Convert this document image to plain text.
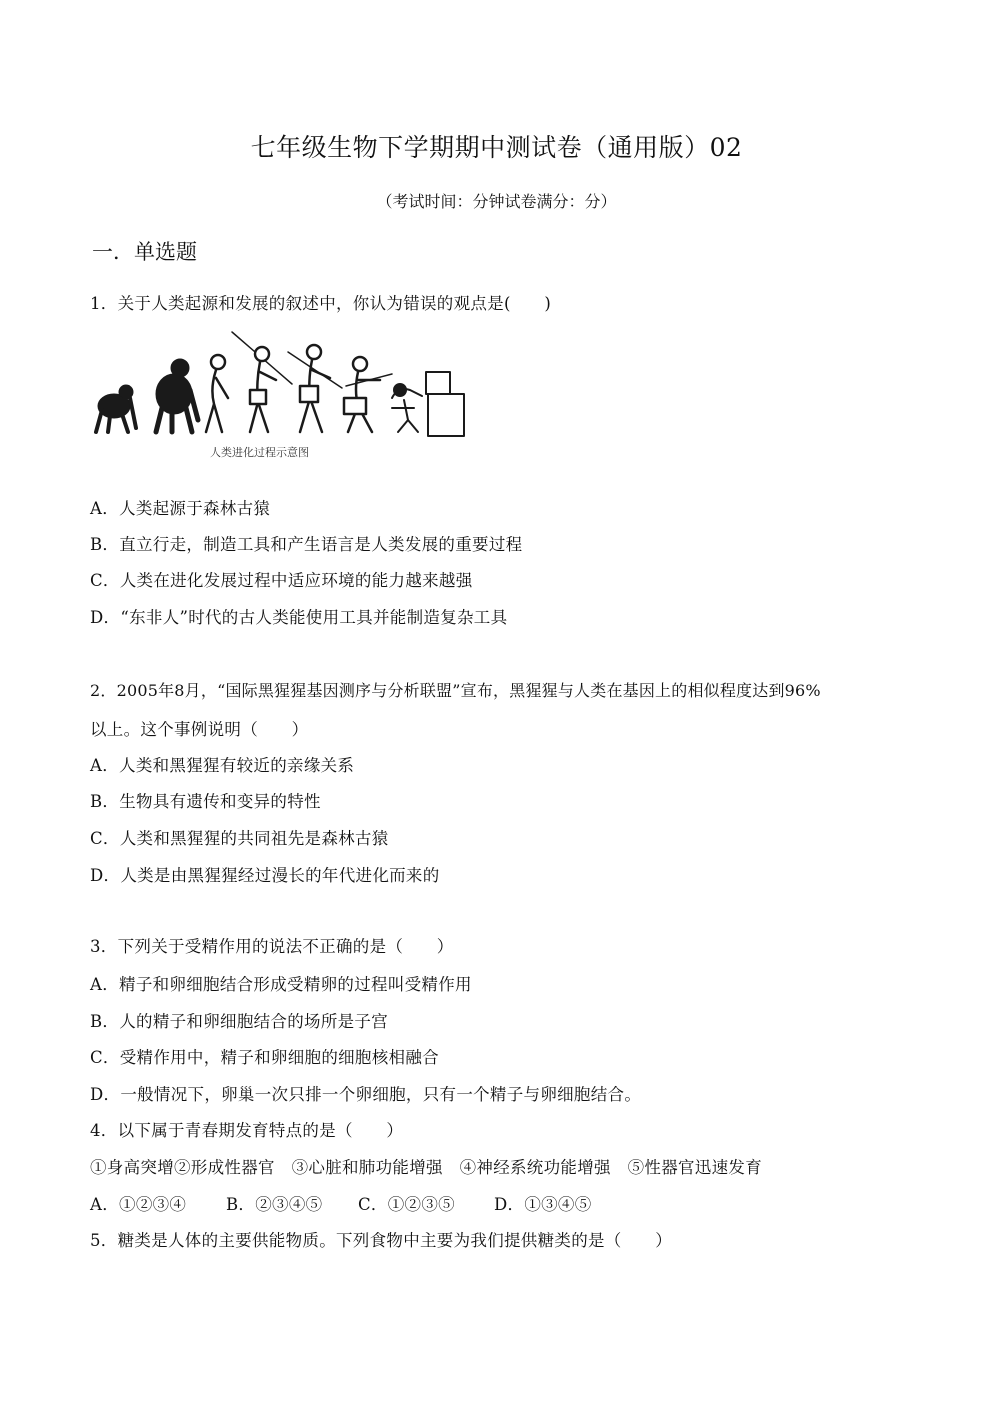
七年级生物下学期期中测试卷（通用版）02
（考试时间：分钟试卷满分：分）
一．单选题
1．关于人类起源和发展的叙述中，你认为错误的观点是(　　)
人类进化过程示意图
A．人类起源于森林古猿
B．直立行走，制造工具和产生语言是人类发展的重要过程
C．人类在进化发展过程中适应环境的能力越来越强
D．“东非人”时代的古人类能使用工具并能制造复杂工具
2．2005年8月，“国际黑猩猩基因测序与分析联盟”宣布，黑猩猩与人类在基因上的相似程度达到96%
以上。这个事例说明（　　）
A．人类和黑猩猩有较近的亲缘关系
B．生物具有遗传和变异的特性
C．人类和黑猩猩的共同祖先是森林古猿
D．人类是由黑猩猩经过漫长的年代进化而来的
3．下列关于受精作用的说法不正确的是（　　）
A．精子和卵细胞结合形成受精卵的过程叫受精作用
B．人的精子和卵细胞结合的场所是子宫
C．受精作用中，精子和卵细胞的细胞核相融合
D．一般情况下，卵巢一次只排一个卵细胞，只有一个精子与卵细胞结合。
4．以下属于青春期发育特点的是（　　）
①身高突增②形成性器官　③心脏和肺功能增强　④神经系统功能增强　⑤性器官迅速发育
A．①②③④ B．②③④⑤ C．①②③⑤ D．①③④⑤
5．糖类是人体的主要供能物质。下列食物中主要为我们提供糖类的是（　　）
